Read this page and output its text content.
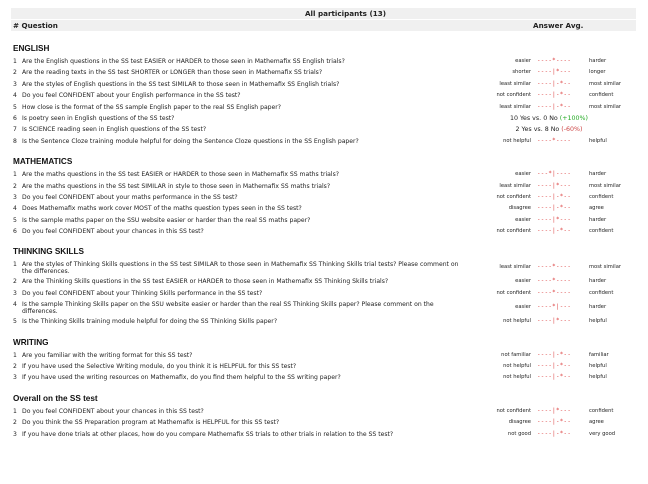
All participants (13)
# Question	Answer Avg.
ENGLISH
1 Are the English questions in the SS test EASIER or HARDER to those seen in Mathemafix SS English trials?	easier ----*----	harder
2 Are the reading texts in the SS test SHORTER or LONGER than those seen in Mathemafix SS trials?	shorter ----|*---	longer
3 Are the styles of English questions in the SS test SIMILAR to those seen in Mathemafix SS English trials?	least similar ----|-*--	most similar
4 Do you feel CONFIDENT about your English performance in the SS test?	not confident ----|-*--	confident
5 How close is the format of the SS sample English paper to the real SS English paper?	least similar ----|-*--	most similar
6 Is poetry seen in English questions of the SS test?	10 Yes vs. 0 No (+100%)
7 Is SCIENCE reading seen in English questions of the SS test?	2 Yes vs. 8 No (-60%)
8 Is the Sentence Cloze training module helpful for doing the Sentence Cloze questions in the SS English paper?	not helpful ----*----	helpful
MATHEMATICS
1 Are the maths questions in the SS test EASIER or HARDER to those seen in Mathemafix SS maths trials?	easier ---*|----	harder
2 Are the maths questions in the SS test SIMILAR in style to those seen in Mathemafix SS maths trials?	least similar ----|*---	most similar
3 Do you feel CONFIDENT about your maths performance in the SS test?	not confident ----|-*--	confident
4 Does Mathemafix maths work cover MOST of the maths question types seen in the SS test?	disagree ----|-*--	agree
5 Is the sample maths paper on the SSU website easier or harder than the real SS maths paper?	easier ----|*---	harder
6 Do you feel CONFIDENT about your chances in this SS test?	not confident ----|-*--	confident
THINKING SKILLS
1 Are the styles of Thinking Skills questions in the SS test SIMILAR to those seen in Mathemafix SS Thinking Skills trial tests? Please comment on the differences.
least similar ----*----	most similar
2 Are the Thinking Skills questions in the SS test EASIER or HARDER to those seen in Mathemafix SS Thinking Skills trials?	easier ----*----	harder
3 Do you feel CONFIDENT about your Thinking Skills performance in the SS test?	not confident ----*----	confident
4 Is the sample Thinking Skills paper on the SSU website easier or harder than the real SS Thinking Skills paper? Please comment on the differences.
easier ----*|---	harder
5 Is the Thinking Skills training module helpful for doing the SS Thinking Skills paper?	not helpful ----|*---	helpful
WRITING
1 Are you familiar with the writing format for this SS test?	not familiar ----|-*--	familiar
2 If you have used the Selective Writing module, do you think it is HELPFUL for this SS test?	not helpful ----|-*--	helpful
3 If you have used the writing resources on Mathemafix, do you find them helpful to the SS writing paper?	not helpful ----|-*--	helpful
Overall on the SS test
1 Do you feel CONFIDENT about your chances in this SS test?	not confident ----|*---	confident
2 Do you think the SS Preparation program at Mathemafix is HELPFUL for this SS test?	disagree ----|-*--	agree
3 If you have done trials at other places, how do you compare Mathemafix SS trials to other trials in relation to the SS test?	not good ----|-*--	very good
